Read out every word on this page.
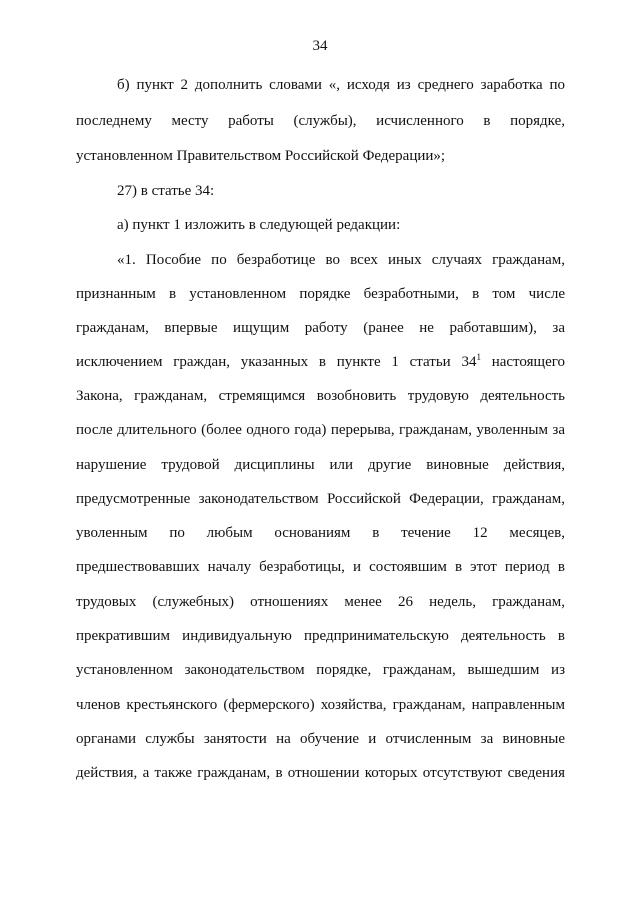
34
б) пункт 2 дополнить словами «, исходя из среднего заработка по
последнему месту работы (службы), исчисленного в порядке,
установленном Правительством Российской Федерации»;
27) в статье 34:
а) пункт 1 изложить в следующей редакции:
«1. Пособие по безработице во всех иных случаях гражданам,
признанным в установленном порядке безработными, в том числе
гражданам, впервые ищущим работу (ранее не работавшим), за
исключением граждан, указанных в пункте 1 статьи $34^1$ настоящего
Закона, гражданам, стремящимся возобновить трудовую деятельность
после длительного (более одного года) перерыва, гражданам, уволенным за
нарушение трудовой дисциплины или другие виновные действия,
предусмотренные законодательством Российской Федерации, гражданам,
уволенным по любым основаниям в течение 12 месяцев,
предшествовавших началу безработицы, и состоявшим в этот период в
трудовых (служебных) отношениях менее 26 недель, гражданам,
прекратившим индивидуальную предпринимательскую деятельность в
установленном законодательством порядке, гражданам, вышедшим из
членов крестьянского (фермерского) хозяйства, гражданам, направленным
органами службы занятости на обучение и отчисленным за виновные
действия, а также гражданам, в отношении которых отсутствуют сведения
